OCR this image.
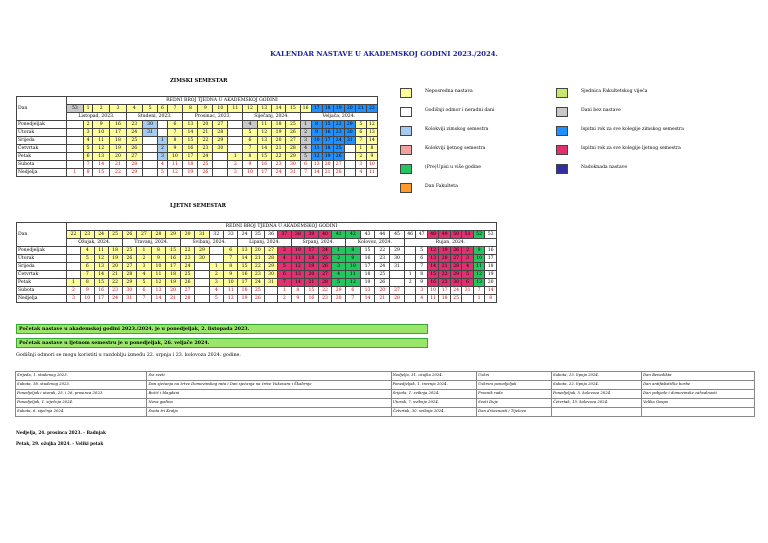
KALENDAR NASTAVE U AKADEMSKOJ GODINI 2023./2024.
ZIMSKI SEMESTAR
Dan	REDNI BROJ TJEDNA U AKADEMSKOJ GODINI																						
	53	1	2	3	4	5	6	7	8	9	10	11	12	13	14	15	16	17	18	19	20	21	22
	Listopad, 2023.				Studeni, 2023.				Prosinac, 2023.				Siječanj, 2024.				Veljača, 2024.						
Ponedjeljak		2	9	16	23	30		6	13	20	27		4	11	18	25	1	8	15	22	29	5	12
Utorak		3	10	17	24	31		7	14	21	28		5	12	19	26	2	9	16	23	30	6	13
Srijeda		4	11	18	25		1	8	15	22	29		6	13	20	27	3	10	17	24	31	7	14
Četvrtak		5	12	19	26		2	9	16	23	30		7	14	21	28	4	11	18	25		1	8
Petak		6	13	20	27		3	10	17	24		1	8	15	22	29	5	12	19	26		2	9
Subota		7	14	21	28		4	11	18	25		2	9	16	23	30	6	13	20	27		3	10
Nedjelja	1	8	15	22	29		5	12	19	26		3	10	17	24	31	7	14	21	28		4	11
LJETNI SEMESTAR
Dan	REDNI BROJ TJEDNA U AKADEMSKOJ GODINI																															
	22	23	24	25	26	27	28	29	30	31	32	33	34	35	36	37	38	39	40	41	42	43	44	45	46	47	48	49	50	51	52	53
	Ožujak, 2024.				Travanj, 2024.				Svibanj, 2024.				Lipanj, 2024.				Srpanj, 2024.				Kolovoz, 2024.				Rujan, 2024.							
Ponedjeljak		4	11	18	25	1	8	15	22	29		6	13	20	27	3	10	17	24	1	8	15	22	29		5	12	19	26	2	9	16
Utorak		5	12	19	26	2	9	16	23	30		7	14	21	28	4	11	18	25	2	9	16	23	30		6	13	20	27	3	10	17
Srijeda		6	13	20	27	3	10	17	24		1	8	15	22	29	5	12	19	26	3	10	17	24	31		7	14	21	28	4	11	18
Četvrtak		7	14	21	28	4	11	18	25		2	9	16	23	30	6	13	20	27	4	11	18	25		1	8	15	22	29	5	12	19
Petak	1	8	15	22	29	5	12	19	26		3	10	17	24	31	7	14	21	28	5	12	19	26		2	9	16	23	30	6	13	20
Subota	2	9	16	23	30	6	13	20	27		4	11	18	25		1	8	15	22	29	6	13	20	27		3	10	17	24	31	7	14
Nedjelja	3	10	17	24	31	7	14	21	28		5	12	19	26		2	9	16	23	30	7	14	21	28		4	11	18	25		1	8
Neposredna nastava
Godišnji odmor i neradni dani
Kolokviji zimskog semestra
Kolokviji ljetnog semestra
(Pre)Upisi u više godine
Dan Fakulteta
Sjednica Fakultetskog vijeća
Dani bez nastave
Ispitni rok za sve kolegije zimskog semestra
Ispitni rok za sve kolegije ljetnog semestra
Nadoknada nastave
Početak nastave u akademskoj godini 2023./2024. je u ponedjeljak, 2. listopada 2023.
Početak nastave u ljetnom semestru je u ponedjeljak, 26. veljače 2024.
Godišnji odmori se mogu koristiti u razdoblju između 22. srpnja i 23. kolovoza 2024. godine.
Srijeda, 1. studenog 2023.	Svi sveti	Nedjelja, 31. ožujka 2024.	Uskrs	Subota, 15. lipnja 2024.	Dan Benedikta
Subota, 18. studenog 2023.	Dan sjećanja na žrtve Domovinskog rata i Dan sjećanja na žrtve Vukovara i Škabrnje	Ponedjeljak, 1. travnja 2024.	Uskrsni ponedjeljak	Subota, 22. lipnja 2024.	Dan antifašističke borbe
Ponedjeljak i utorak, 25. i 26. prosinca 2023.	Božić i blagdani	Srijeda, 1. svibnja 2024.	Praznik rada	Ponedjeljak, 5. kolovoza 2024.	Dan pobjede i domovinske zahvalnosti
Ponedjeljak, 1. siječnja 2024.	Nova godina	Utorak, 7. svibnja 2024.	Sveti Duje	Četvrtak, 15. kolovoza 2024.	Velika Gospa
Subota, 6. siječnja 2024.	Sveta tri Kralja	Četvrtak, 30. svibnja 2024.	Dan državnosti / Tijelovo		
Nedjelja, 24. prosinca 2023. - Badnjak
Petak, 29. ožujka 2024. - Veliki petak
